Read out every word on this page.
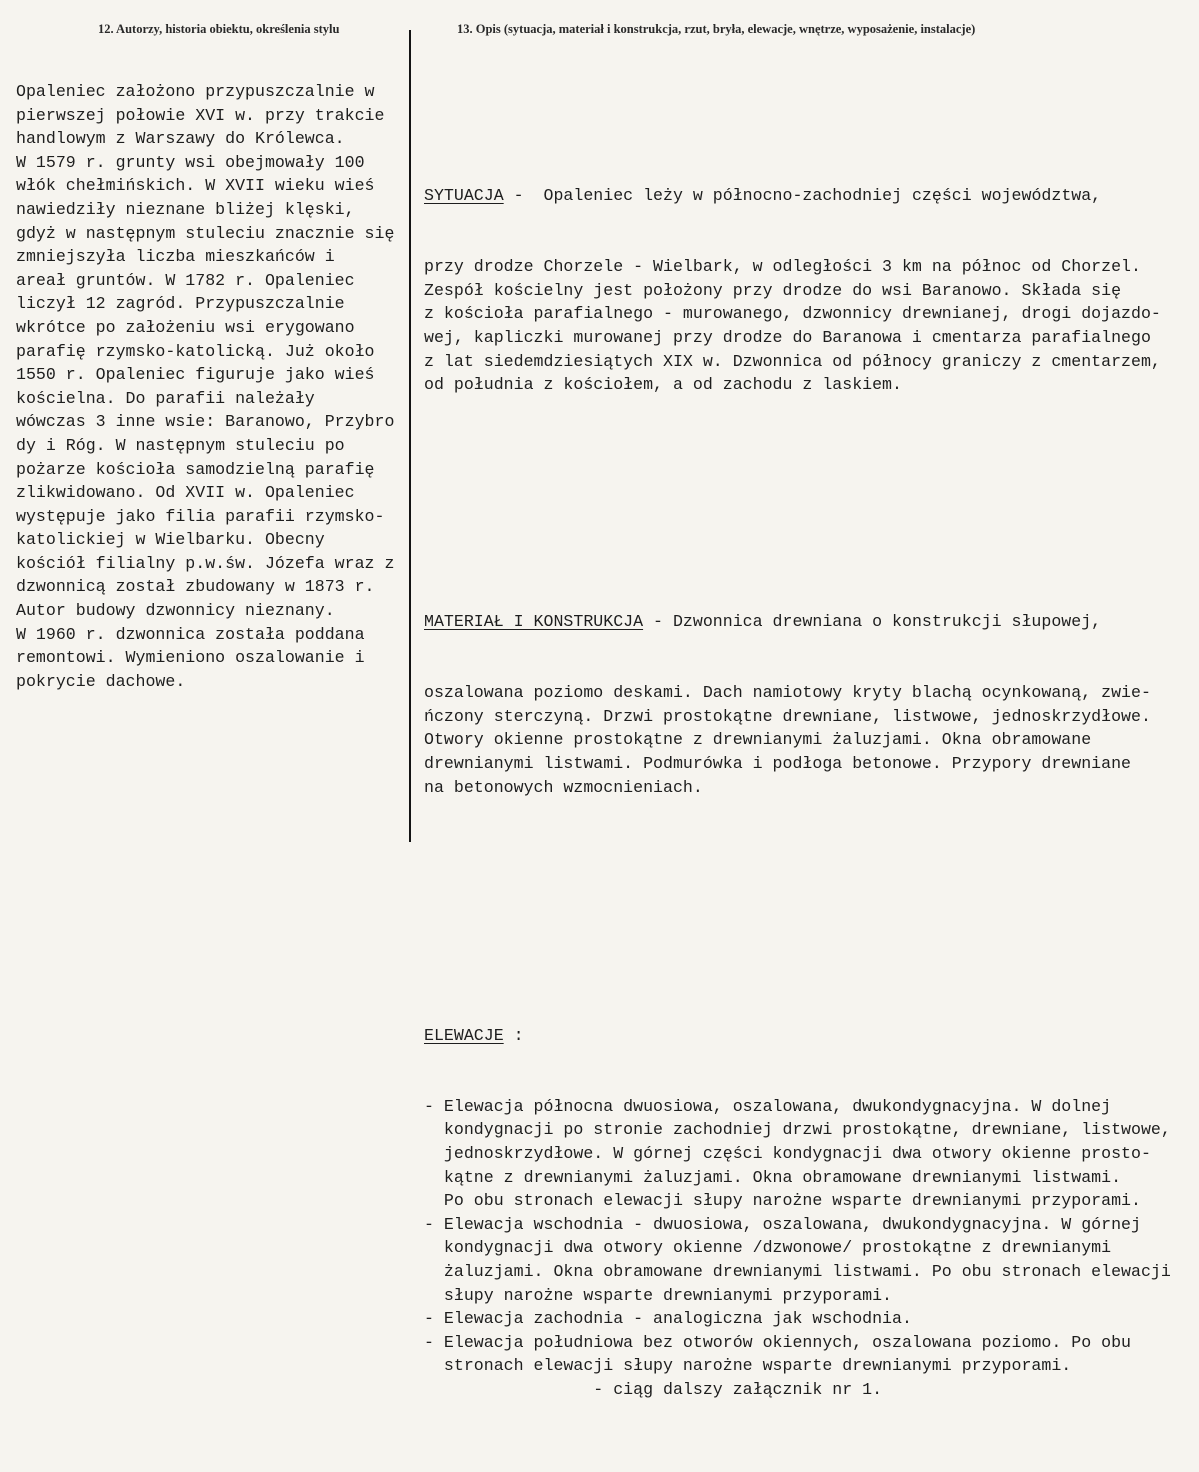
12. Autorzy, historia obiektu, określenia stylu	13. Opis (sytuacja, materiał i konstrukcja, rzut, bryła, elewacje, wnętrze, wyposażenie, instalacje)
Opaleniec założono przypuszczalnie w
pierwszej połowie XVI w. przy trakcie
handlowym z Warszawy do Królewca.
W 1579 r. grunty wsi obejmowały 100
włók chełmińskich. W XVII wieku wieś
nawiedziły nieznane bliżej klęski,
gdyż w następnym stuleciu znacznie się
zmniejszyła liczba mieszkańców i
areał gruntów. W 1782 r. Opaleniec
liczył 12 zagród. Przypuszczalnie
wkrótce po założeniu wsi erygowano
parafię rzymsko-katolicką. Już około
1550 r. Opaleniec figuruje jako wieś
kościelna. Do parafii należały
wówczas 3 inne wsie: Baranowo, Przybro
dy i Róg. W następnym stuleciu po
pożarze kościoła samodzielną parafię
zlikwidowano. Od XVII w. Opaleniec
występuje jako filia parafii rzymsko-
katolickiej w Wielbarku. Obecny
kościół filialny p.w.św. Józefa wraz z
dzwonnicą został zbudowany w 1873 r.
Autor budowy dzwonnicy nieznany.
W 1960 r. dzwonnica została poddana
remontowi. Wymieniono oszalowanie i
pokrycie dachowe.

SYTUACJA -  Opaleniec leży w północno-zachodniej części województwa,

przy drodze Chorzele - Wielbark, w odległości 3 km na północ od Chorzel.
Zespół kościelny jest położony przy drodze do wsi Baranowo. Składa się
z kościoła parafialnego - murowanego, dzwonnicy drewnianej, drogi dojazdo-
wej, kapliczki murowanej przy drodze do Baranowa i cmentarza parafialnego
z lat siedemdziesiątych XIX w. Dzwonnica od północy graniczy z cmentarzem,
od południa z kościołem, a od zachodu z laskiem.

MATERIAŁ I KONSTRUKCJA - Dzwonnica drewniana o konstrukcji słupowej,

oszalowana poziomo deskami. Dach namiotowy kryty blachą ocynkowaną, zwie-
ńczony sterczyną. Drzwi prostokątne drewniane, listwowe, jednoskrzydłowe.
Otwory okienne prostokątne z drewnianymi żaluzjami. Okna obramowane
drewnianymi listwami. Podmurówka i podłoga betonowe. Przypory drewniane
na betonowych wzmocnieniach.

ELEWACJE :

- Elewacja północna dwuosiowa, oszalowana, dwukondygnacyjna. W dolnej
kondygnacji po stronie zachodniej drzwi prostokątne, drewniane, listwowe,
jednoskrzydłowe. W górnej części kondygnacji dwa otwory okienne prosto-
kątne z drewnianymi żaluzjami. Okna obramowane drewnianymi listwami.
Po obu stronach elewacji słupy narożne wsparte drewnianymi przyporami.
- Elewacja wschodnia - dwuosiowa, oszalowana, dwukondygnacyjna. W górnej
kondygnacji dwa otwory okienne /dzwonowe/ prostokątne z drewnianymi
żaluzjami. Okna obramowane drewnianymi listwami. Po obu stronach elewacji
słupy narożne wsparte drewnianymi przyporami.
- Elewacja zachodnia - analogiczna jak wschodnia.
- Elewacja południowa bez otworów okiennych, oszalowana poziomo. Po obu
stronach elewacji słupy narożne wsparte drewnianymi przyporami.
- ciąg dalszy załącznik nr 1.
